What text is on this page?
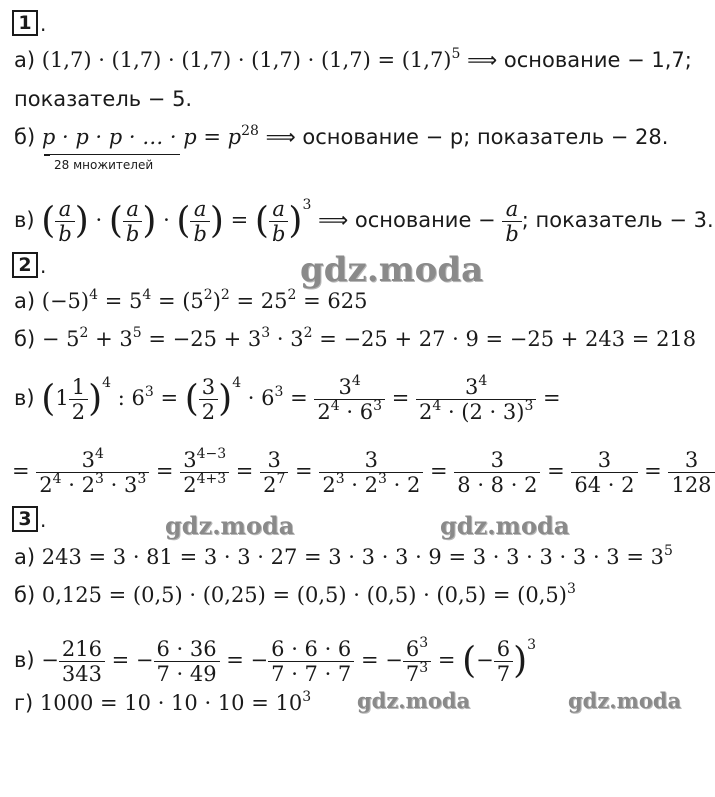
1 .
а) $(1,7) \cdot (1,7) \cdot (1,7) \cdot (1,7) \cdot (1,7) = (1,7)^5$ ⟹ основание − 1,7;
показатель − 5.
б) p · p · p · … · $p = p^{28}$ ⟹ основание − p; показатель − 28.
28 множителей
в) ( $\frac{a}{b}$ ) · ( $\frac{a}{b}$ ) · ( $\frac{a}{b}$ ) = ( $\frac{a}{b} )^3$ ⟹ основание − $\frac{a}{b}$ ; показатель − 3.
2 .	gdz.moda
а) $(-5)^4 = 5^4 = (5^2)^2 = 25^2 = 625$
$б) - 5^2 + 3^5 = -25 + 3^3 \cdot 3^2 = -25 + 27 \cdot 9 = -25 + 243 = 218$
в) $(1 \frac{1}{2} )^4$ : $6^3$ = ( $\frac{3}{2} )^4 \cdot 6^3 = \frac{3^4}{2^4 \cdot 6^3} = \frac{3^4}{2^4 \cdot (2 \cdot 3)^3}$ =
= $\frac{3^4}{2^4 \cdot 2^3 \cdot 3^3} = \frac{3^{4-3}}{2^{4+3}} = \frac{3}{2^7} = \frac{3}{2^3 \cdot 2^3 \cdot 2} = \frac{3}{8 \cdot 8 \cdot 2} = \frac{3}{64 \cdot 2} = \frac{3}{128}$
3 .	gdz.moda	gdz.moda
а) $243 = 3 \cdot 81 = 3 \cdot 3 \cdot 27 = 3 \cdot 3 \cdot 3 \cdot 9 = 3 \cdot 3 \cdot 3 \cdot 3 \cdot 3 = 3^5$
б) $0,125 = (0,5) \cdot (0,25) = (0,5) \cdot (0,5) \cdot (0,5) = (0,5)^3$
$в) - \frac{216}{343}$ = − $\frac{6 \cdot 36}{7 \cdot 49}$ = − $\frac{6 \cdot 6 \cdot 6}{7 \cdot 7 \cdot 7}$ = − $\frac{6^3}{7^3}$ = (− $\frac{6}{7} )^3$
г) $1000 = 10 \cdot 10 \cdot 10 = 10^3$ gdz.moda	gdz.moda
